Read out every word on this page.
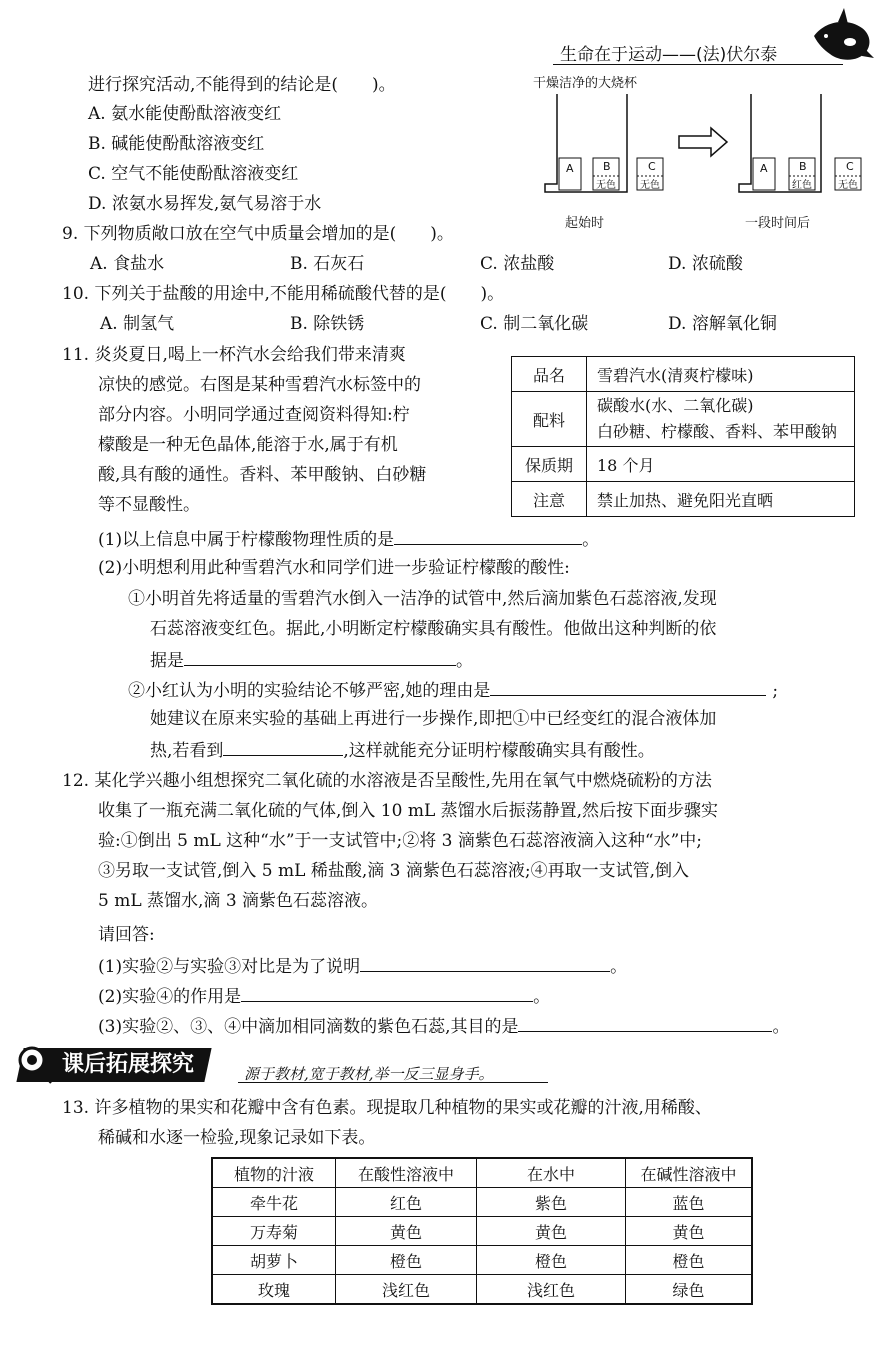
生命在于运动——(法)伏尔泰
进行探究活动,不能得到的结论是(　　)。
A. 氨水能使酚酞溶液变红
B. 碱能使酚酞溶液变红
C. 空气不能使酚酞溶液变红
D. 浓氨水易挥发,氨气易溶于水
干燥洁净的大烧杯
A	B	C
无色 无色
A	B	C
红色	无色
起始时	一段时间后
9. 下列物质敞口放在空气中质量会增加的是(　　)。
A. 食盐水	B. 石灰石	C. 浓盐酸	D. 浓硫酸
10. 下列关于盐酸的用途中,不能用稀硫酸代替的是(　　)。
A. 制氢气	B. 除铁锈	C. 制二氧化碳	D. 溶解氧化铜
11. 炎炎夏日,喝上一杯汽水会给我们带来清爽
凉快的感觉。右图是某种雪碧汽水标签中的
部分内容。小明同学通过查阅资料得知:柠
檬酸是一种无色晶体,能溶于水,属于有机
酸,具有酸的通性。香料、苯甲酸钠、白砂糖
等不显酸性。
品名	雪碧汽水(清爽柠檬味)
配料	碳酸水(水、二氧化碳)
白砂糖、柠檬酸、香料、苯甲酸钠

保质期	18 个月
注意	禁止加热、避免阳光直晒
(1)以上信息中属于柠檬酸物理性质的是	。
(2)小明想利用此种雪碧汽水和同学们进一步验证柠檬酸的酸性:
①小明首先将适量的雪碧汽水倒入一洁净的试管中,然后滴加紫色石蕊溶液,发现
石蕊溶液变红色。据此,小明断定柠檬酸确实具有酸性。他做出这种判断的依
据是	。
②小红认为小明的实验结论不够严密,她的理由是	;
她建议在原来实验的基础上再进行一步操作,即把①中已经变红的混合液体加
热,若看到	,这样就能充分证明柠檬酸确实具有酸性。
12. 某化学兴趣小组想探究二氧化硫的水溶液是否呈酸性,先用在氧气中燃烧硫粉的方法
收集了一瓶充满二氧化硫的气体,倒入 10 mL 蒸馏水后振荡静置,然后按下面步骤实
验:①倒出 5 mL 这种“水”于一支试管中;②将 3 滴紫色石蕊溶液滴入这种“水”中;
③另取一支试管,倒入 5 mL 稀盐酸,滴 3 滴紫色石蕊溶液;④再取一支试管,倒入
5 mL 蒸馏水,滴 3 滴紫色石蕊溶液。
请回答:
(1)实验②与实验③对比是为了说明	。
(2)实验④的作用是	。
(3)实验②、③、④中滴加相同滴数的紫色石蕊,其目的是	。
课后拓展探究	源于教材,宽于教材,举一反三显身手。
13. 许多植物的果实和花瓣中含有色素。现提取几种植物的果实或花瓣的汁液,用稀酸、
稀碱和水逐一检验,现象记录如下表。
植物的汁液	在酸性溶液中	在水中	在碱性溶液中
牵牛花	红色	紫色	蓝色
万寿菊	黄色	黄色	黄色
胡萝卜	橙色	橙色	橙色
玫瑰	浅红色	浅红色	绿色
